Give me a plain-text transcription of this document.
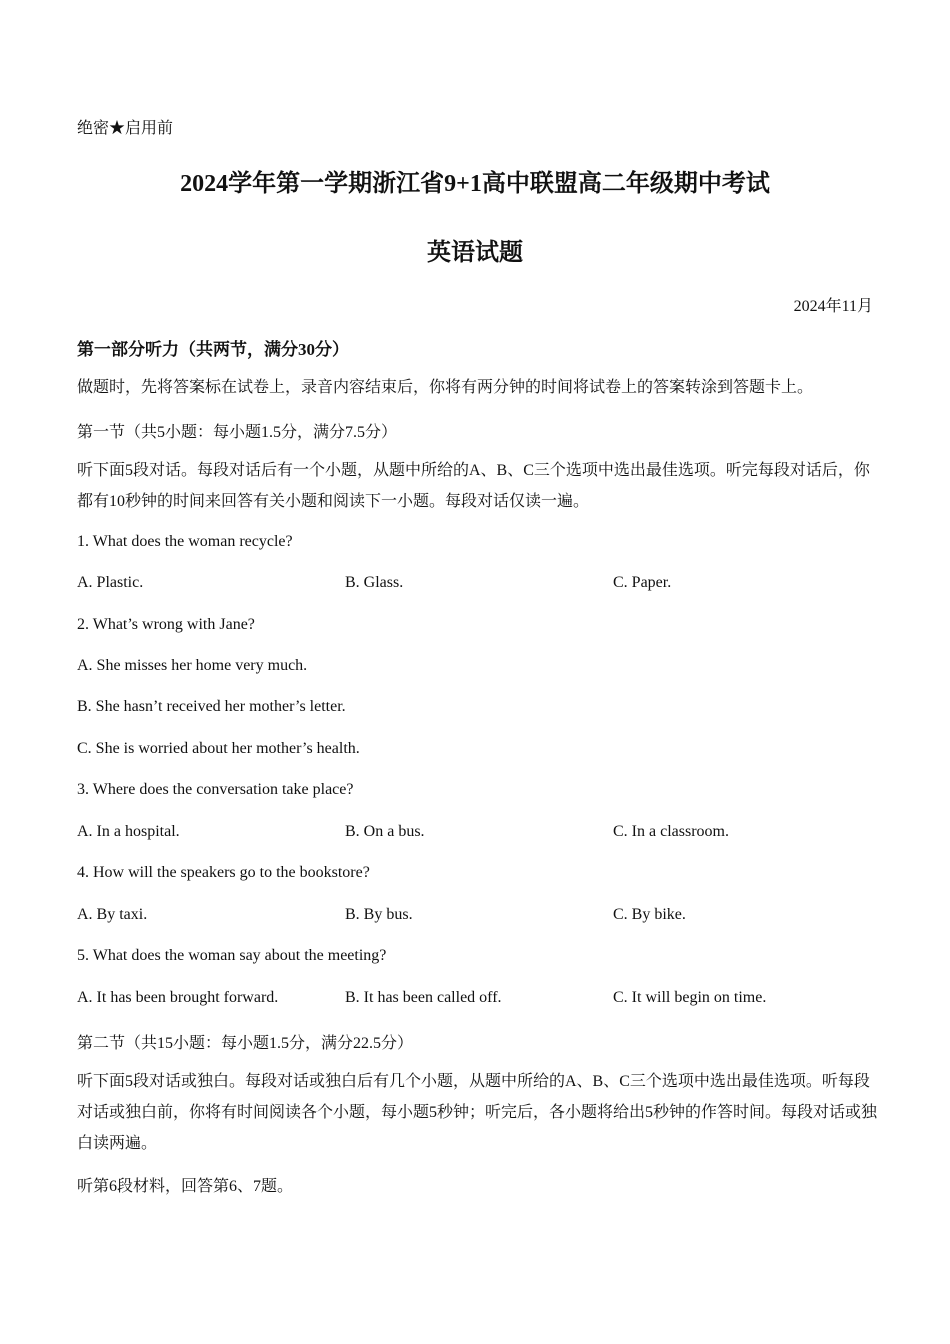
绝密★启用前
2024学年第一学期浙江省9+1高中联盟高二年级期中考试
英语试题
2024年11月
第一部分听力（共两节，满分30分）
做题时，先将答案标在试卷上，录音内容结束后，你将有两分钟的时间将试卷上的答案转涂到答题卡上。
第一节（共5小题：每小题1.5分，满分7.5分）
听下面5段对话。每段对话后有一个小题，从题中所给的A、B、C三个选项中选出最佳选项。听完每段对话后，你都有10秒钟的时间来回答有关小题和阅读下一小题。每段对话仅读一遍。
1. What does the woman recycle?
A. Plastic.	B. Glass.	C. Paper.
2. What’s wrong with Jane?
A. She misses her home very much.
B. She hasn’t received her mother’s letter.
C. She is worried about her mother’s health.
3. Where does the conversation take place?
A. In a hospital.	B. On a bus.	C. In a classroom.
4. How will the speakers go to the bookstore?
A. By taxi.	B. By bus.	C. By bike.
5. What does the woman say about the meeting?
A. It has been brought forward.	B. It has been called off.	C. It will begin on time.
第二节（共15小题：每小题1.5分，满分22.5分）
听下面5段对话或独白。每段对话或独白后有几个小题，从题中所给的A、B、C三个选项中选出最佳选项。听每段对话或独白前，你将有时间阅读各个小题，每小题5秒钟；听完后，各小题将给出5秒钟的作答时间。每段对话或独白读两遍。
听第6段材料，回答第6、7题。
